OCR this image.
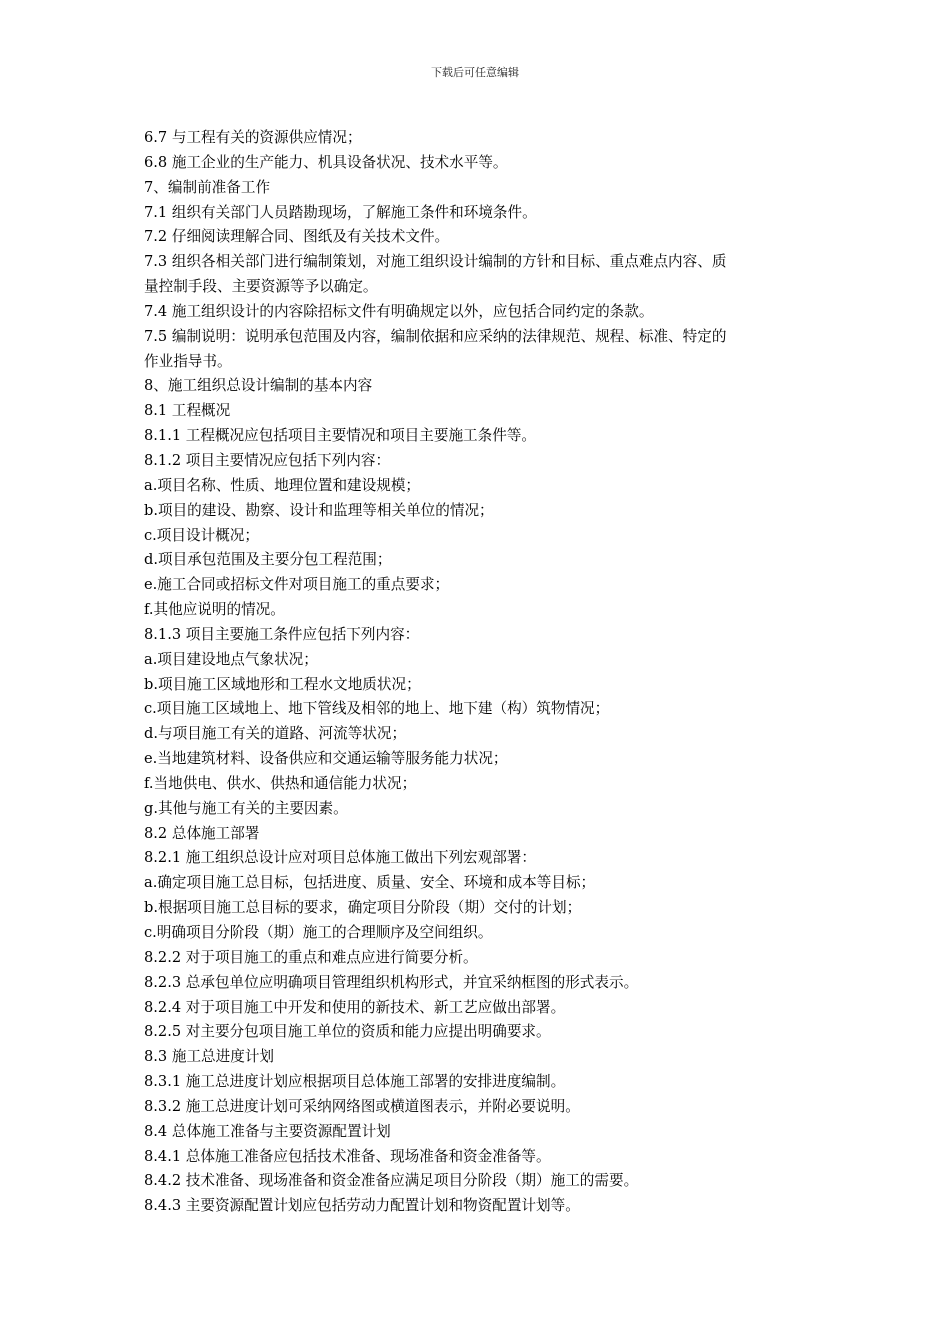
下载后可任意编辑
6.7 与工程有关的资源供应情况；
6.8 施工企业的生产能力、机具设备状况、技术水平等。
7、编制前准备工作
7.1 组织有关部门人员踏勘现场，了解施工条件和环境条件。
7.2 仔细阅读理解合同、图纸及有关技术文件。
7.3 组织各相关部门进行编制策划，对施工组织设计编制的方针和目标、重点难点内容、质
量控制手段、主要资源等予以确定。
7.4 施工组织设计的内容除招标文件有明确规定以外，应包括合同约定的条款。
7.5 编制说明：说明承包范围及内容，编制依据和应采纳的法律规范、规程、标准、特定的
作业指导书。
8、施工组织总设计编制的基本内容
8.1 工程概况
8.1.1 工程概况应包括项目主要情况和项目主要施工条件等。
8.1.2 项目主要情况应包括下列内容：
a.项目名称、性质、地理位置和建设规模；
b.项目的建设、勘察、设计和监理等相关单位的情况；
c.项目设计概况；
d.项目承包范围及主要分包工程范围；
e.施工合同或招标文件对项目施工的重点要求；
f.其他应说明的情况。
8.1.3 项目主要施工条件应包括下列内容：
a.项目建设地点气象状况；
b.项目施工区域地形和工程水文地质状况；
c.项目施工区域地上、地下管线及相邻的地上、地下建（构）筑物情况；
d.与项目施工有关的道路、河流等状况；
e.当地建筑材料、设备供应和交通运输等服务能力状况；
f.当地供电、供水、供热和通信能力状况；
g.其他与施工有关的主要因素。
8.2 总体施工部署
8.2.1 施工组织总设计应对项目总体施工做出下列宏观部署：
a.确定项目施工总目标，包括进度、质量、安全、环境和成本等目标；
b.根据项目施工总目标的要求，确定项目分阶段（期）交付的计划；
c.明确项目分阶段（期）施工的合理顺序及空间组织。
8.2.2 对于项目施工的重点和难点应进行简要分析。
8.2.3 总承包单位应明确项目管理组织机构形式，并宜采纳框图的形式表示。
8.2.4 对于项目施工中开发和使用的新技术、新工艺应做出部署。
8.2.5 对主要分包项目施工单位的资质和能力应提出明确要求。
8.3 施工总进度计划
8.3.1 施工总进度计划应根据项目总体施工部署的安排进度编制。
8.3.2 施工总进度计划可采纳网络图或横道图表示，并附必要说明。
8.4 总体施工准备与主要资源配置计划
8.4.1 总体施工准备应包括技术准备、现场准备和资金准备等。
8.4.2 技术准备、现场准备和资金准备应满足项目分阶段（期）施工的需要。
8.4.3 主要资源配置计划应包括劳动力配置计划和物资配置计划等。
